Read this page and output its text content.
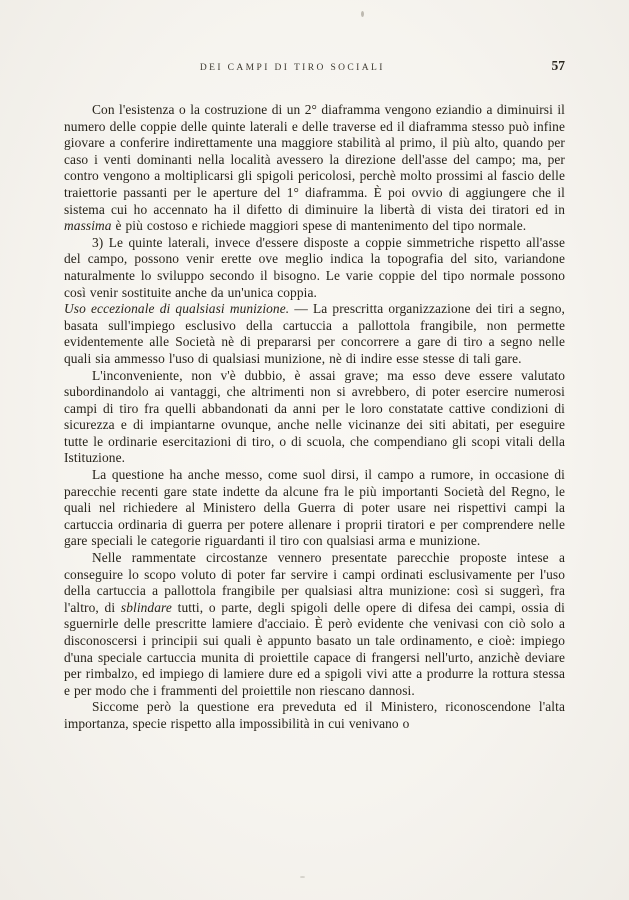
DEI CAMPI DI TIRO SOCIALI	57

Con l'esistenza o la costruzione di un 2° diaframma vengono eziandio a diminuirsi il numero delle coppie delle quinte laterali e delle traverse ed il diaframma stesso può infine giovare a conferire indirettamente una maggiore stabilità al primo, il più alto, quando per caso i venti dominanti nella località avessero la direzione dell'asse del campo; ma, per contro vengono a moltiplicarsi gli spigoli pericolosi, perchè molto prossimi al fascio delle traiettorie passanti per le aperture del 1° diaframma. È poi ovvio di aggiungere che il sistema cui ho accennato ha il difetto di diminuire la libertà di vista dei tiratori ed in massima è più costoso e richiede maggiori spese di mantenimento del tipo normale.

3) Le quinte laterali, invece d'essere disposte a coppie simmetriche rispetto all'asse del campo, possono venir erette ove meglio indica la topografia del sito, variandone naturalmente lo sviluppo secondo il bisogno. Le varie coppie del tipo normale possono così venir sostituite anche da un'unica coppia.

Uso eccezionale di qualsiasi munizione. — La prescritta organizzazione dei tiri a segno, basata sull'impiego esclusivo della cartuccia a pallottola frangibile, non permette evidentemente alle Società nè di prepararsi per concorrere a gare di tiro a segno nelle quali sia ammesso l'uso di qualsiasi munizione, nè di indire esse stesse di tali gare.

L'inconveniente, non v'è dubbio, è assai grave; ma esso deve essere valutato subordinandolo ai vantaggi, che altrimenti non si avrebbero, di poter esercire numerosi campi di tiro fra quelli abbandonati da anni per le loro constatate cattive condizioni di sicurezza e di impiantarne ovunque, anche nelle vicinanze dei siti abitati, per eseguire tutte le ordinarie esercitazioni di tiro, o di scuola, che compendiano gli scopi vitali della Istituzione.

La questione ha anche messo, come suol dirsi, il campo a rumore, in occasione di parecchie recenti gare state indette da alcune fra le più importanti Società del Regno, le quali nel richiedere al Ministero della Guerra di poter usare nei rispettivi campi la cartuccia ordinaria di guerra per potere allenare i proprii tiratori e per comprendere nelle gare speciali le categorie riguardanti il tiro con qualsiasi arma e munizione.

Nelle rammentate circostanze vennero presentate parecchie proposte intese a conseguire lo scopo voluto di poter far servire i campi ordinati esclusivamente per l'uso della cartuccia a pallottola frangibile per qualsiasi altra munizione: così si suggerì, fra l'altro, di sblindare tutti, o parte, degli spigoli delle opere di difesa dei campi, ossia di sguernirle delle prescritte lamiere d'acciaio. È però evidente che venivasi con ciò solo a disconoscersi i principii sui quali è appunto basato un tale ordinamento, e cioè: impiego d'una speciale cartuccia munita di proiettile capace di frangersi nell'urto, anzichè deviare per rimbalzo, ed impiego di lamiere dure ed a spigoli vivi atte a produrre la rottura stessa e per modo che i frammenti del proiettile non riescano dannosi.

Siccome però la questione era preveduta ed il Ministero, riconoscendone l'alta importanza, specie rispetto alla impossibilità in cui venivano o
